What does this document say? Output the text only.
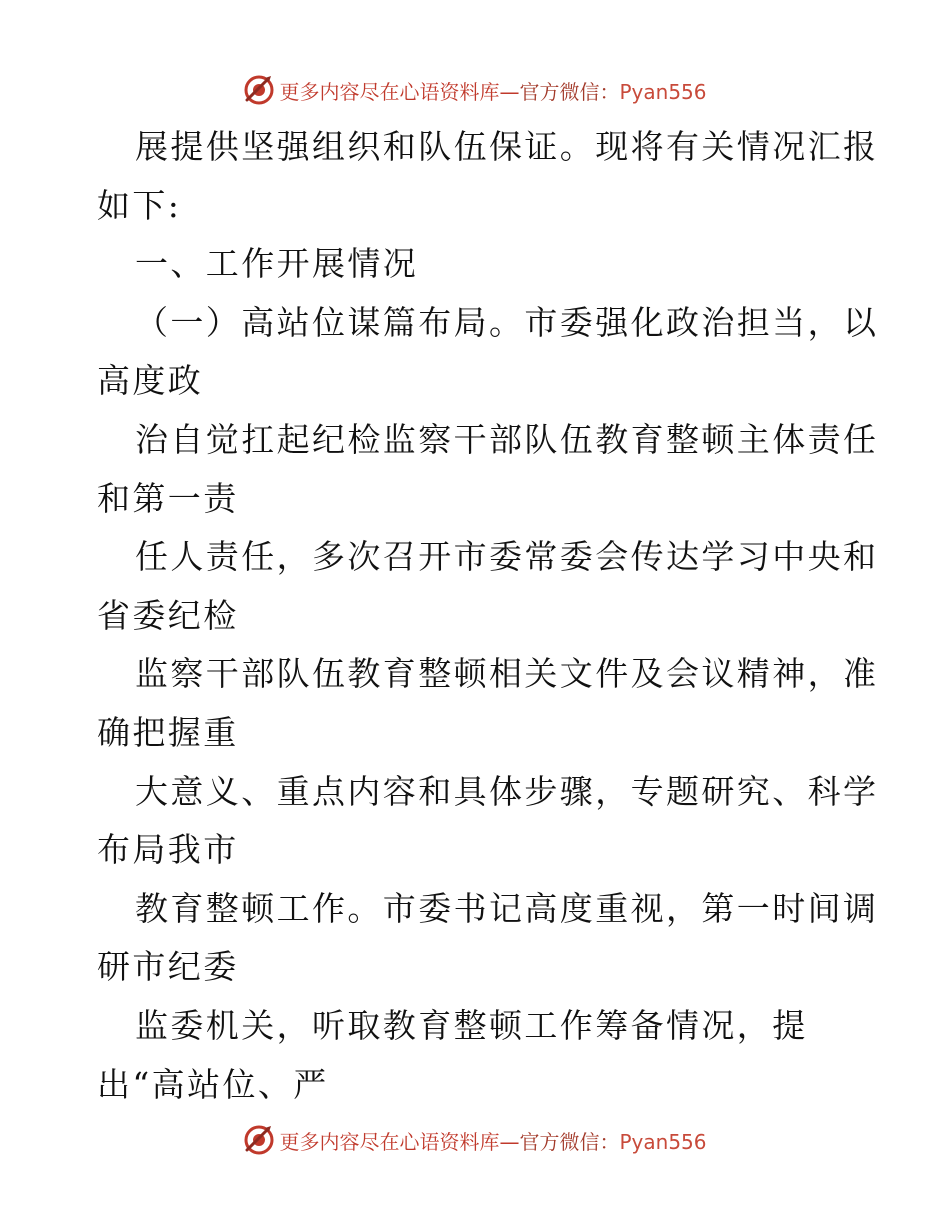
更多内容尽在心语资料库—官方微信：Pyan556
展提供坚强组织和队伍保证。现将有关情况汇报
如下:
一、工作开展情况
（一）高站位谋篇布局。市委强化政治担当，以
高度政
治自觉扛起纪检监察干部队伍教育整顿主体责任
和第一责
任人责任，多次召开市委常委会传达学习中央和
省委纪检
监察干部队伍教育整顿相关文件及会议精神，准
确把握重
大意义、重点内容和具体步骤，专题研究、科学
布局我市
教育整顿工作。市委书记高度重视，第一时间调
研市纪委
监委机关，听取教育整顿工作筹备情况，提
出“高站位、严
更多内容尽在心语资料库—官方微信：Pyan556
